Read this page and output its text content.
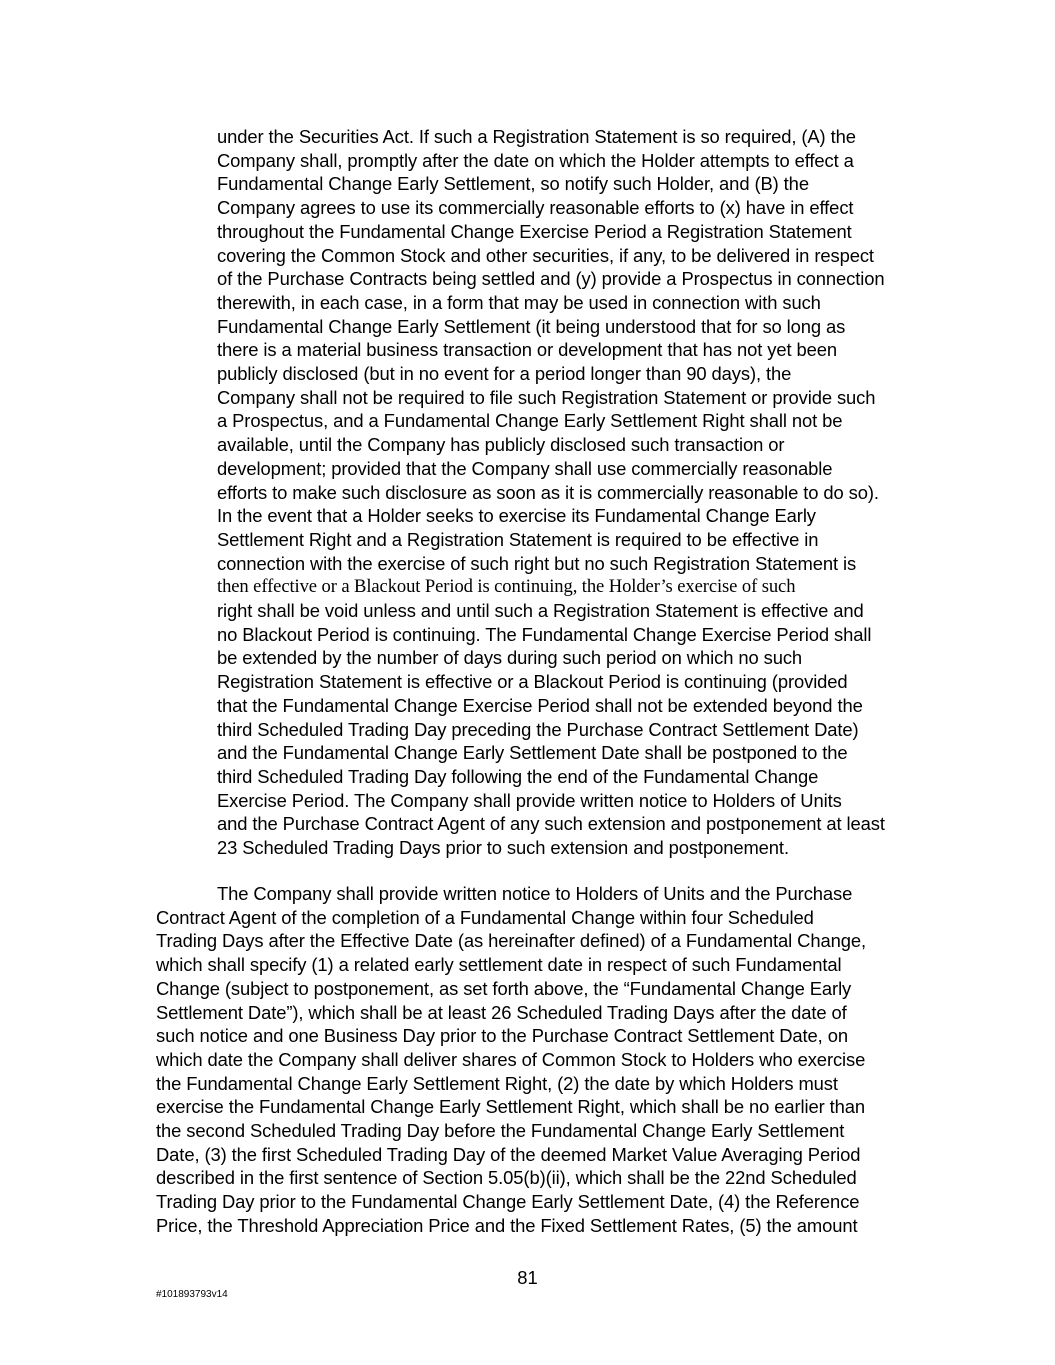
under the Securities Act. If such a Registration Statement is so required, (A) the
Company shall, promptly after the date on which the Holder attempts to effect a
Fundamental Change Early Settlement, so notify such Holder, and (B) the
Company agrees to use its commercially reasonable efforts to (x) have in effect
throughout the Fundamental Change Exercise Period a Registration Statement
covering the Common Stock and other securities, if any, to be delivered in respect
of the Purchase Contracts being settled and (y) provide a Prospectus in connection
therewith, in each case, in a form that may be used in connection with such
Fundamental Change Early Settlement (it being understood that for so long as
there is a material business transaction or development that has not yet been
publicly disclosed (but in no event for a period longer than 90 days), the
Company shall not be required to file such Registration Statement or provide such
a Prospectus, and a Fundamental Change Early Settlement Right shall not be
available, until the Company has publicly disclosed such transaction or
development; provided that the Company shall use commercially reasonable
efforts to make such disclosure as soon as it is commercially reasonable to do so).
In the event that a Holder seeks to exercise its Fundamental Change Early
Settlement Right and a Registration Statement is required to be effective in
connection with the exercise of such right but no such Registration Statement is
then effective or a Blackout Period is continuing, the Holder’s exercise of such
right shall be void unless and until such a Registration Statement is effective and
no Blackout Period is continuing. The Fundamental Change Exercise Period shall
be extended by the number of days during such period on which no such
Registration Statement is effective or a Blackout Period is continuing (provided
that the Fundamental Change Exercise Period shall not be extended beyond the
third Scheduled Trading Day preceding the Purchase Contract Settlement Date)
and the Fundamental Change Early Settlement Date shall be postponed to the
third Scheduled Trading Day following the end of the Fundamental Change
Exercise Period. The Company shall provide written notice to Holders of Units
and the Purchase Contract Agent of any such extension and postponement at least
23 Scheduled Trading Days prior to such extension and postponement.
The Company shall provide written notice to Holders of Units and the Purchase
Contract Agent of the completion of a Fundamental Change within four Scheduled
Trading Days after the Effective Date (as hereinafter defined) of a Fundamental Change,
which shall specify (1) a related early settlement date in respect of such Fundamental
Change (subject to postponement, as set forth above, the “Fundamental Change Early
Settlement Date”), which shall be at least 26 Scheduled Trading Days after the date of
such notice and one Business Day prior to the Purchase Contract Settlement Date, on
which date the Company shall deliver shares of Common Stock to Holders who exercise
the Fundamental Change Early Settlement Right, (2) the date by which Holders must
exercise the Fundamental Change Early Settlement Right, which shall be no earlier than
the second Scheduled Trading Day before the Fundamental Change Early Settlement
Date, (3) the first Scheduled Trading Day of the deemed Market Value Averaging Period
described in the first sentence of Section 5.05(b)(ii), which shall be the 22nd Scheduled
Trading Day prior to the Fundamental Change Early Settlement Date, (4) the Reference
Price, the Threshold Appreciation Price and the Fixed Settlement Rates, (5) the amount
81
#101893793v14
